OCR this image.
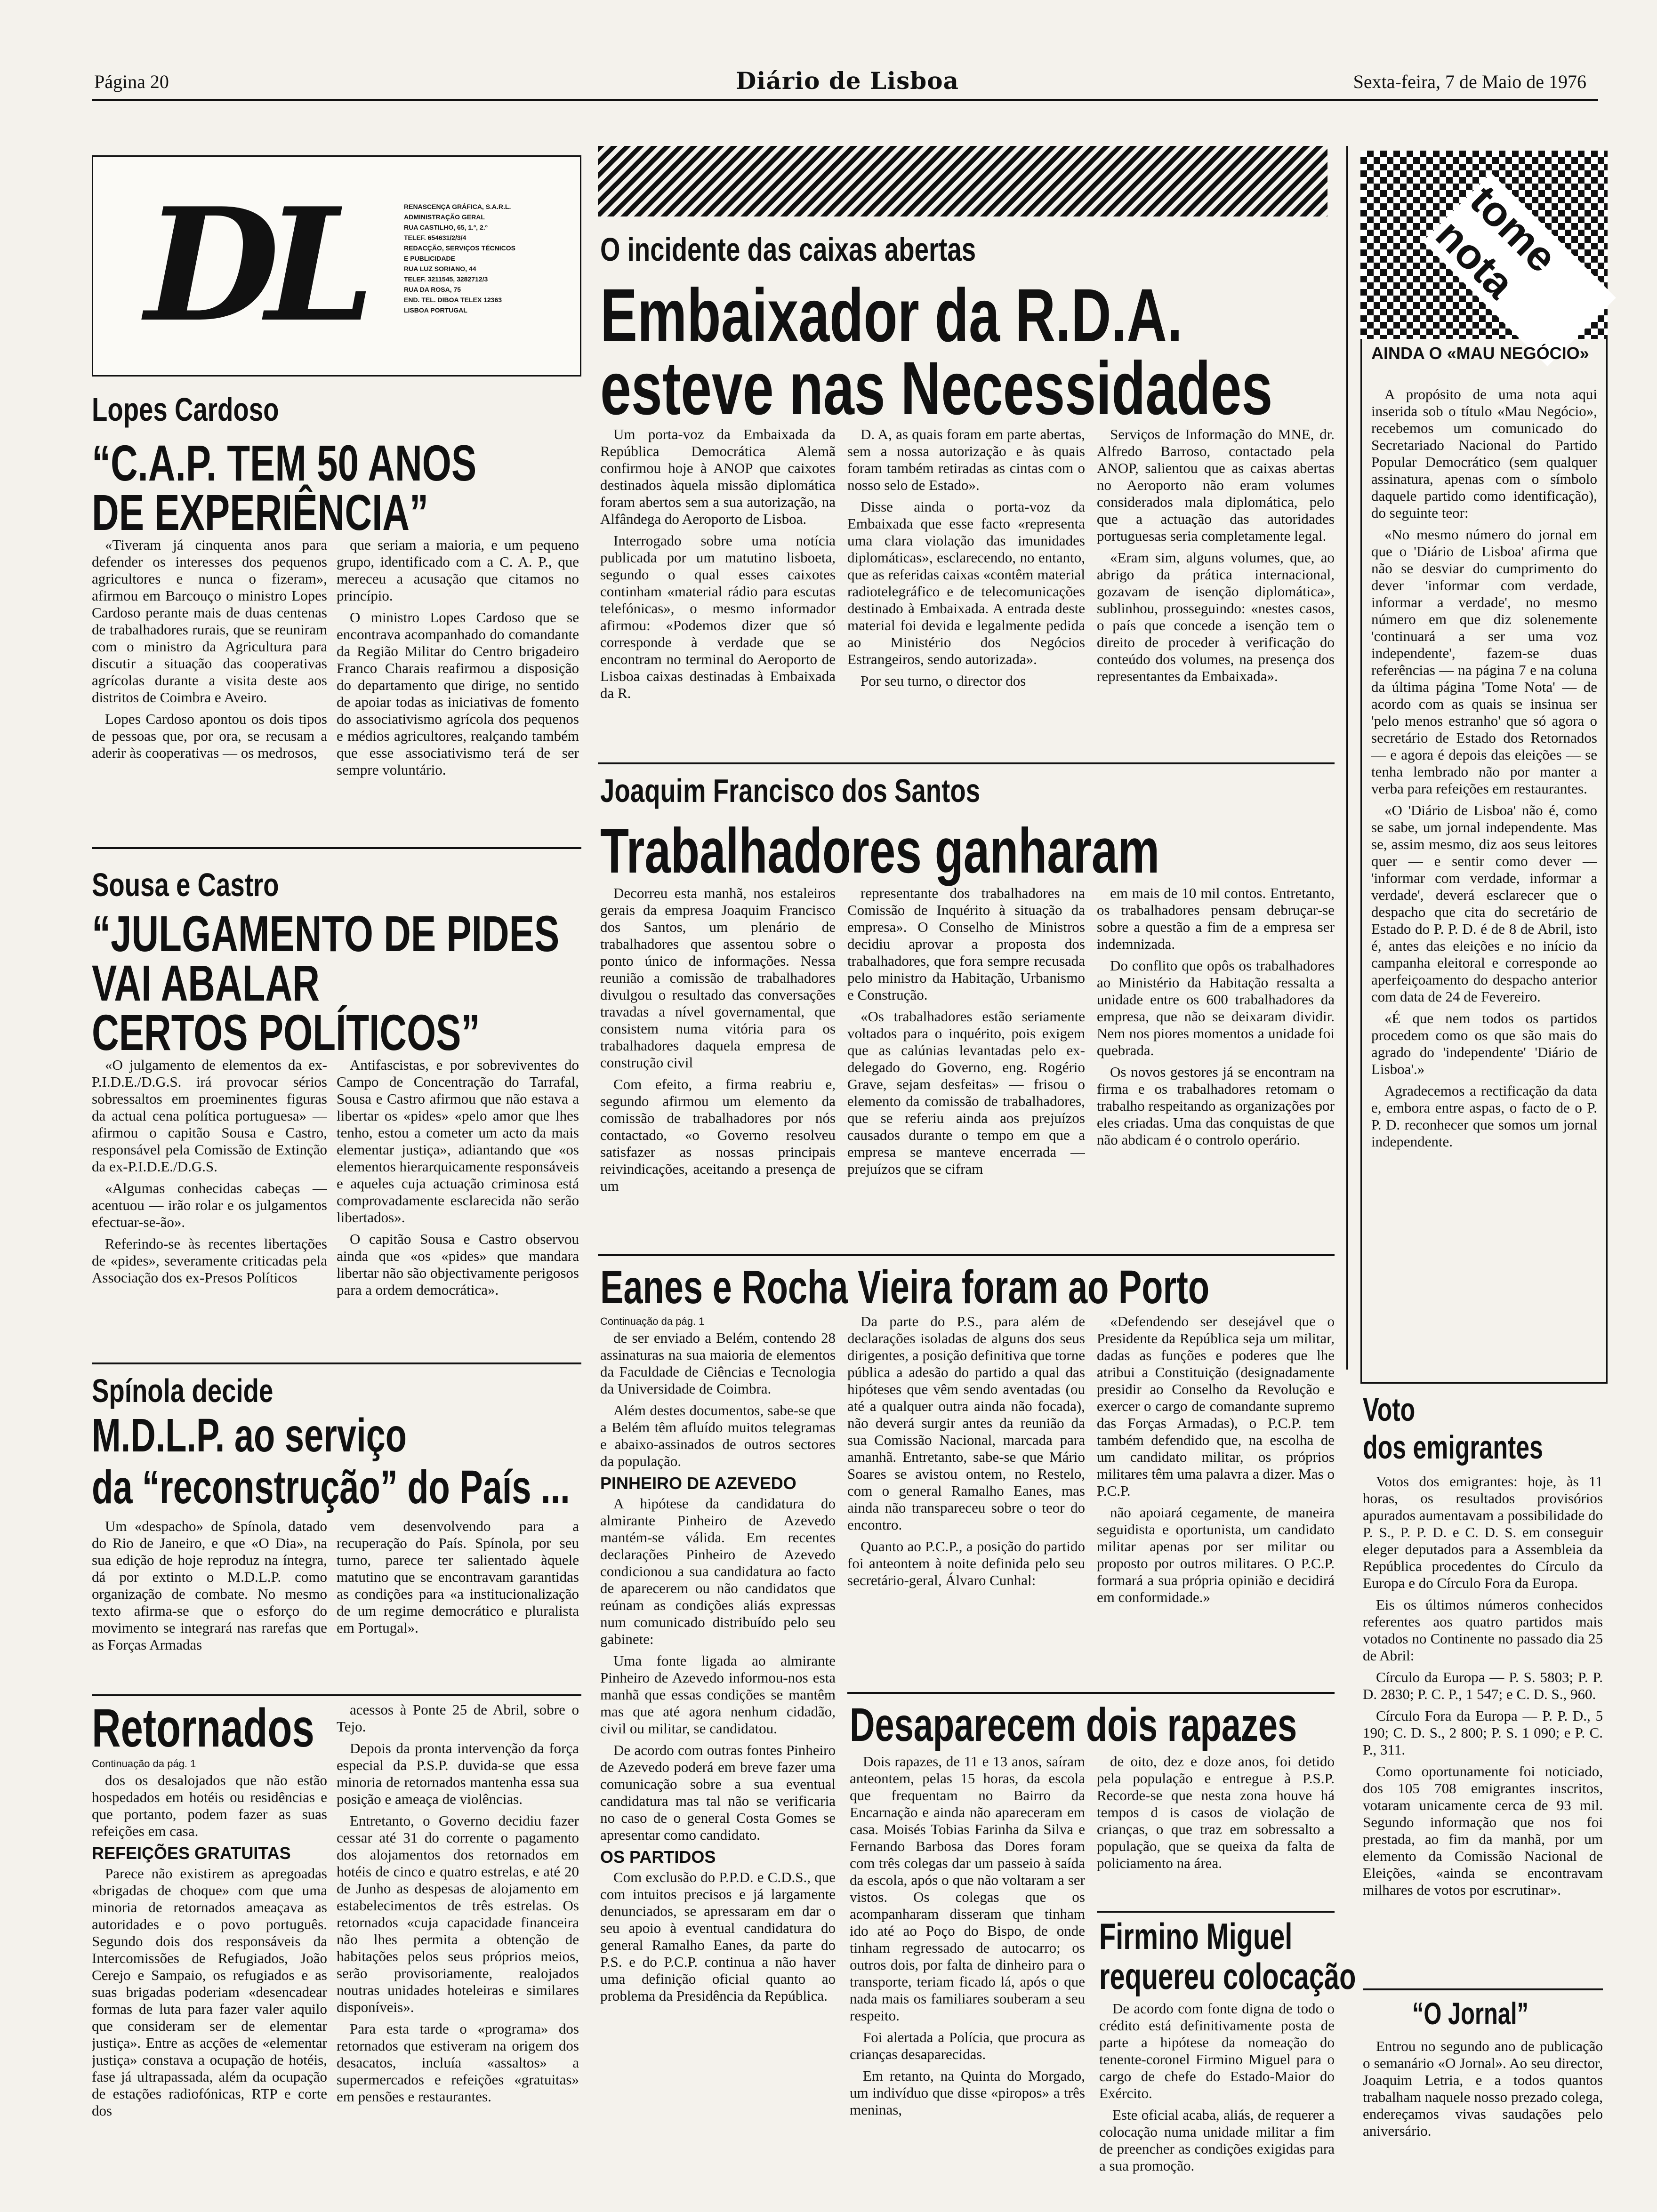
Página 20	Diário de Lisboa	Sexta-feira, 7 de Maio de 1976
DL	RENASCENÇA GRÁFICA, S.A.R.L.
ADMINISTRAÇÃO GERAL
RUA CASTILHO, 65, 1.º, 2.º
TELEF. 654631/2/3/4
REDACÇÃO, SERVIÇOS TÉCNICOS
E PUBLICIDADE
RUA LUZ SORIANO, 44
TELEF. 3211545, 3282712/3
RUA DA ROSA, 75
END. TEL. DIBOA TELEX 12363
LISBOA PORTUGAL
Lopes Cardoso
“C.A.P. TEM 50 ANOS
DE EXPERIÊNCIA”

«Tiveram já cinquenta anos para defender os interesses dos pequenos agricultores e nunca o fizeram», afirmou em Barcouço o ministro Lopes Cardoso perante mais de duas centenas de trabalhadores rurais, que se reuniram com o ministro da Agricultura para discutir a situação das cooperativas agrícolas durante a visita deste aos distritos de Coimbra e Aveiro.

Lopes Cardoso apontou os dois tipos de pessoas que, por ora, se recusam a aderir às cooperativas — os medrosos,

que seriam a maioria, e um pequeno grupo, identificado com a C. A. P., que mereceu a acusação que citamos no princípio.

O ministro Lopes Cardoso que se encontrava acompanhado do comandante da Região Militar do Centro brigadeiro Franco Charais reafirmou a disposição do departamento que dirige, no sentido de apoiar todas as iniciativas de fomento do associativismo agrícola dos pequenos e médios agricultores, realçando também que esse associativismo terá de ser sempre voluntário.

O incidente das caixas abertas
Embaixador da R.D.A.
esteve nas Necessidades

Um porta-voz da Embaixada da República Democrática Alemã confirmou hoje à ANOP que caixotes destinados àquela missão diplomática foram abertos sem a sua autorização, na Alfândega do Aeroporto de Lisboa.

Interrogado sobre uma notícia publicada por um matutino lisboeta, segundo o qual esses caixotes continham «material rádio para escutas telefónicas», o mesmo informador afirmou: «Podemos dizer que só corresponde à verdade que se encontram no terminal do Aeroporto de Lisboa caixas destinadas à Embaixada da R.

D. A, as quais foram em parte abertas, sem a nossa autorização e às quais foram também retiradas as cintas com o nosso selo de Estado».

Disse ainda o porta-voz da Embaixada que esse facto «representa uma clara violação das imunidades diplomáticas», esclarecendo, no entanto, que as referidas caixas «contêm material radiotelegráfico e de telecomunicações destinado à Embaixada. A entrada deste material foi devida e legalmente pedida ao Ministério dos Negócios Estrangeiros, sendo autorizada».

Por seu turno, o director dos

Serviços de Informação do MNE, dr. Alfredo Barroso, contactado pela ANOP, salientou que as caixas abertas no Aeroporto não eram volumes considerados mala diplomática, pelo que a actuação das autoridades portuguesas seria completamente legal.

«Eram sim, alguns volumes, que, ao abrigo da prática internacional, gozavam de isenção diplomática», sublinhou, prosseguindo: «nestes casos, o país que concede a isenção tem o direito de proceder à verificação do conteúdo dos volumes, na presença dos representantes da Embaixada».

tome nota
AINDA O «MAU NEGÓCIO»

A propósito de uma nota aqui inserida sob o título «Mau Negócio», recebemos um comunicado do Secretariado Nacional do Partido Popular Democrático (sem qualquer assinatura, apenas com o símbolo daquele partido como identificação), do seguinte teor:

«No mesmo número do jornal em que o 'Diário de Lisboa' afirma que não se desviar do cumprimento do dever 'informar com verdade, informar a verdade', no mesmo número em que diz solenemente 'continuará a ser uma voz independente', fazem-se duas referências — na página 7 e na coluna da última página 'Tome Nota' — de acordo com as quais se insinua ser 'pelo menos estranho' que só agora o secretário de Estado dos Retornados — e agora é depois das eleições — se tenha lembrado não por manter a verba para refeições em restaurantes.

«O 'Diário de Lisboa' não é, como se sabe, um jornal independente. Mas se, assim mesmo, diz aos seus leitores quer — e sentir como dever — 'informar com verdade, informar a verdade', deverá esclarecer que o despacho que cita do secretário de Estado do P. P. D. é de 8 de Abril, isto é, antes das eleições e no início da campanha eleitoral e corresponde ao aperfeiçoamento do despacho anterior com data de 24 de Fevereiro.

«É que nem todos os partidos procedem como os que são mais do agrado do 'independente' 'Diário de Lisboa'.»

Agradecemos a rectificação da data e, embora entre aspas, o facto de o P. P. D. reconhecer que somos um jornal independente.

Sousa e Castro
“JULGAMENTO DE PIDES
VAI ABALAR
CERTOS POLÍTICOS”

«O julgamento de elementos da ex-P.I.D.E./D.G.S. irá provocar sérios sobressaltos em proeminentes figuras da actual cena política portuguesa» — afirmou o capitão Sousa e Castro, responsável pela Comissão de Extinção da ex-P.I.D.E./D.G.S.

«Algumas conhecidas cabeças — acentuou — irão rolar e os julgamentos efectuar-se-ão».

Referindo-se às recentes libertações de «pides», severamente criticadas pela Associação dos ex-Presos Políticos

Antifascistas, e por sobreviventes do Campo de Concentração do Tarrafal, Sousa e Castro afirmou que não estava a libertar os «pides» «pelo amor que lhes tenho, estou a cometer um acto da mais elementar justiça», adiantando que «os elementos hierarquicamente responsáveis e aqueles cuja actuação criminosa está comprovadamente esclarecida não serão libertados».

O capitão Sousa e Castro observou ainda que «os «pides» que mandara libertar não são objectivamente perigosos para a ordem democrática».

Joaquim Francisco dos Santos
Trabalhadores ganharam

Decorreu esta manhã, nos estaleiros gerais da empresa Joaquim Francisco dos Santos, um plenário de trabalhadores que assentou sobre o ponto único de informações. Nessa reunião a comissão de trabalhadores divulgou o resultado das conversações travadas a nível governamental, que consistem numa vitória para os trabalhadores daquela empresa de construção civil

Com efeito, a firma reabriu e, segundo afirmou um elemento da comissão de trabalhadores por nós contactado, «o Governo resolveu satisfazer as nossas principais reivindicações, aceitando a presença de um

representante dos trabalhadores na Comissão de Inquérito à situação da empresa». O Conselho de Ministros decidiu aprovar a proposta dos trabalhadores, que fora sempre recusada pelo ministro da Habitação, Urbanismo e Construção.

«Os trabalhadores estão seriamente voltados para o inquérito, pois exigem que as calúnias levantadas pelo ex-delegado do Governo, eng. Rogério Grave, sejam desfeitas» — frisou o elemento da comissão de trabalhadores, que se referiu ainda aos prejuízos causados durante o tempo em que a empresa se manteve encerrada — prejuízos que se cifram

em mais de 10 mil contos. Entretanto, os trabalhadores pensam debruçar-se sobre a questão a fim de a empresa ser indemnizada.

Do conflito que opôs os trabalhadores ao Ministério da Habitação ressalta a unidade entre os 600 trabalhadores da empresa, que não se deixaram dividir. Nem nos piores momentos a unidade foi quebrada.

Os novos gestores já se encontram na firma e os trabalhadores retomam o trabalho respeitando as organizações por eles criadas. Uma das conquistas de que não abdicam é o controlo operário.

Spínola decide
M.D.L.P. ao serviço
da “reconstrução” do País ...

Um «despacho» de Spínola, datado do Rio de Janeiro, e que «O Dia», na sua edição de hoje reproduz na íntegra, dá por extinto o M.D.L.P. como organização de combate. No mesmo texto afirma-se que o esforço do movimento se integrará nas rarefas que as Forças Armadas

vem desenvolvendo para a recuperação do País. Spínola, por seu turno, parece ter salientado àquele matutino que se encontravam garantidas as condições para «a institucionalização de um regime democrático e pluralista em Portugal».

Eanes e Rocha Vieira foram ao Porto
Continuação da pág. 1

de ser enviado a Belém, contendo 28 assinaturas na sua maioria de elementos da Faculdade de Ciências e Tecnologia da Universidade de Coimbra.

Além destes documentos, sabe-se que a Belém têm afluído muitos telegramas e abaixo-assinados de outros sectores da população.

PINHEIRO DE AZEVEDO

A hipótese da candidatura do almirante Pinheiro de Azevedo mantém-se válida. Em recentes declarações Pinheiro de Azevedo condicionou a sua candidatura ao facto de aparecerem ou não candidatos que reúnam as condições aliás expressas num comunicado distribuído pelo seu gabinete:

Uma fonte ligada ao almirante Pinheiro de Azevedo informou-nos esta manhã que essas condições se mantêm mas que até agora nenhum cidadão, civil ou militar, se candidatou.

De acordo com outras fontes Pinheiro de Azevedo poderá em breve fazer uma comunicação sobre a sua eventual candidatura mas tal não se verificaria no caso de o general Costa Gomes se apresentar como candidato.

OS PARTIDOS

Com exclusão do P.P.D. e C.D.S., que com intuitos precisos e já largamente denunciados, se apressaram em dar o seu apoio à eventual candidatura do general Ramalho Eanes, da parte do P.S. e do P.C.P. continua a não haver uma definição oficial quanto ao problema da Presidência da República.

Da parte do P.S., para além de declarações isoladas de alguns dos seus dirigentes, a posição definitiva que torne pública a adesão do partido a qual das hipóteses que vêm sendo aventadas (ou até a qualquer outra ainda não focada), não deverá surgir antes da reunião da sua Comissão Nacional, marcada para amanhã. Entretanto, sabe-se que Mário Soares se avistou ontem, no Restelo, com o general Ramalho Eanes, mas ainda não transpareceu sobre o teor do encontro.

Quanto ao P.C.P., a posição do partido foi anteontem à noite definida pelo seu secretário-geral, Álvaro Cunhal:

«Defendendo ser desejável que o Presidente da República seja um militar, dadas as funções e poderes que lhe atribui a Constituição (designadamente presidir ao Conselho da Revolução e exercer o cargo de comandante supremo das Forças Armadas), o P.C.P. tem também defendido que, na escolha de um candidato militar, os próprios militares têm uma palavra a dizer. Mas o P.C.P.

não apoiará cegamente, de maneira seguidista e oportunista, um candidato militar apenas por ser militar ou proposto por outros militares. O P.C.P. formará a sua própria opinião e decidirá em conformidade.»

Voto
dos emigrantes

Votos dos emigrantes: hoje, às 11 horas, os resultados provisórios apurados aumentavam a possibilidade do P. S., P. P. D. e C. D. S. em conseguir eleger deputados para a Assembleia da República procedentes do Círculo da Europa e do Círculo Fora da Europa.

Eis os últimos números conhecidos referentes aos quatro partidos mais votados no Continente no passado dia 25 de Abril:

Círculo da Europa — P. S. 5803; P. P. D. 2830; P. C. P., 1 547; e C. D. S., 960.

Círculo Fora da Europa — P. P. D., 5 190; C. D. S., 2 800; P. S. 1 090; e P. C. P., 311.

Como oportunamente foi noticiado, dos 105 708 emigrantes inscritos, votaram unicamente cerca de 93 mil. Segundo informação que nos foi prestada, ao fim da manhã, por um elemento da Comissão Nacional de Eleições, «ainda se encontravam milhares de votos por escrutinar».

“O Jornal”

Entrou no segundo ano de publicação o semanário «O Jornal». Ao seu director, Joaquim Letria, e a todos quantos trabalham naquele nosso prezado colega, endereçamos vivas saudações pelo aniversário.

Retornados
Continuação da pág. 1

dos os desalojados que não estão hospedados em hotéis ou residências e que portanto, podem fazer as suas refeições em casa.

REFEIÇÕES GRATUITAS

Parece não existirem as apregoadas «brigadas de choque» com que uma minoria de retornados ameaçava as autoridades e o povo português. Segundo dois dos responsáveis da Intercomissões de Refugiados, João Cerejo e Sampaio, os refugiados e as suas brigadas poderiam «desencadear formas de luta para fazer valer aquilo que consideram ser de elementar justiça». Entre as acções de «elementar justiça» constava a ocupação de hotéis, fase já ultrapassada, além da ocupação de estações radiofónicas, RTP e corte dos

acessos à Ponte 25 de Abril, sobre o Tejo.

Depois da pronta intervenção da força especial da P.S.P. duvida-se que essa minoria de retornados mantenha essa sua posição e ameaça de violências.

Entretanto, o Governo decidiu fazer cessar até 31 do corrente o pagamento dos alojamentos dos retornados em hotéis de cinco e quatro estrelas, e até 20 de Junho as despesas de alojamento em estabelecimentos de três estrelas. Os retornados «cuja capacidade financeira não lhes permita a obtenção de habitações pelos seus próprios meios, serão provisoriamente, realojados noutras unidades hoteleiras e similares disponíveis».

Para esta tarde o «programa» dos retornados que estiveram na origem dos desacatos, incluía «assaltos» a supermercados e refeições «gratuitas» em pensões e restaurantes.

Desaparecem dois rapazes

Dois rapazes, de 11 e 13 anos, saíram anteontem, pelas 15 horas, da escola que frequentam no Bairro da Encarnação e ainda não apareceram em casa. Moisés Tobias Farinha da Silva e Fernando Barbosa das Dores foram com três colegas dar um passeio à saída da escola, após o que não voltaram a ser vistos. Os colegas que os acompanharam disseram que tinham ido até ao Poço do Bispo, de onde tinham regressado de autocarro; os outros dois, por falta de dinheiro para o transporte, teriam ficado lá, após o que nada mais os familiares souberam a seu respeito.

Foi alertada a Polícia, que procura as crianças desaparecidas.

Em retanto, na Quinta do Morgado, um indivíduo que disse «piropos» a três meninas,

de oito, dez e doze anos, foi detido pela população e entregue à P.S.P. Recorde-se que nesta zona houve há tempos d is casos de violação de crianças, o que traz em sobressalto a população, que se queixa da falta de policiamento na área.

Firmino Miguel
requereu colocação

De acordo com fonte digna de todo o crédito está definitivamente posta de parte a hipótese da nomeação do tenente-coronel Firmino Miguel para o cargo de chefe do Estado-Maior do Exército.

Este oficial acaba, aliás, de requerer a colocação numa unidade militar a fim de preencher as condições exigidas para a sua promoção.
